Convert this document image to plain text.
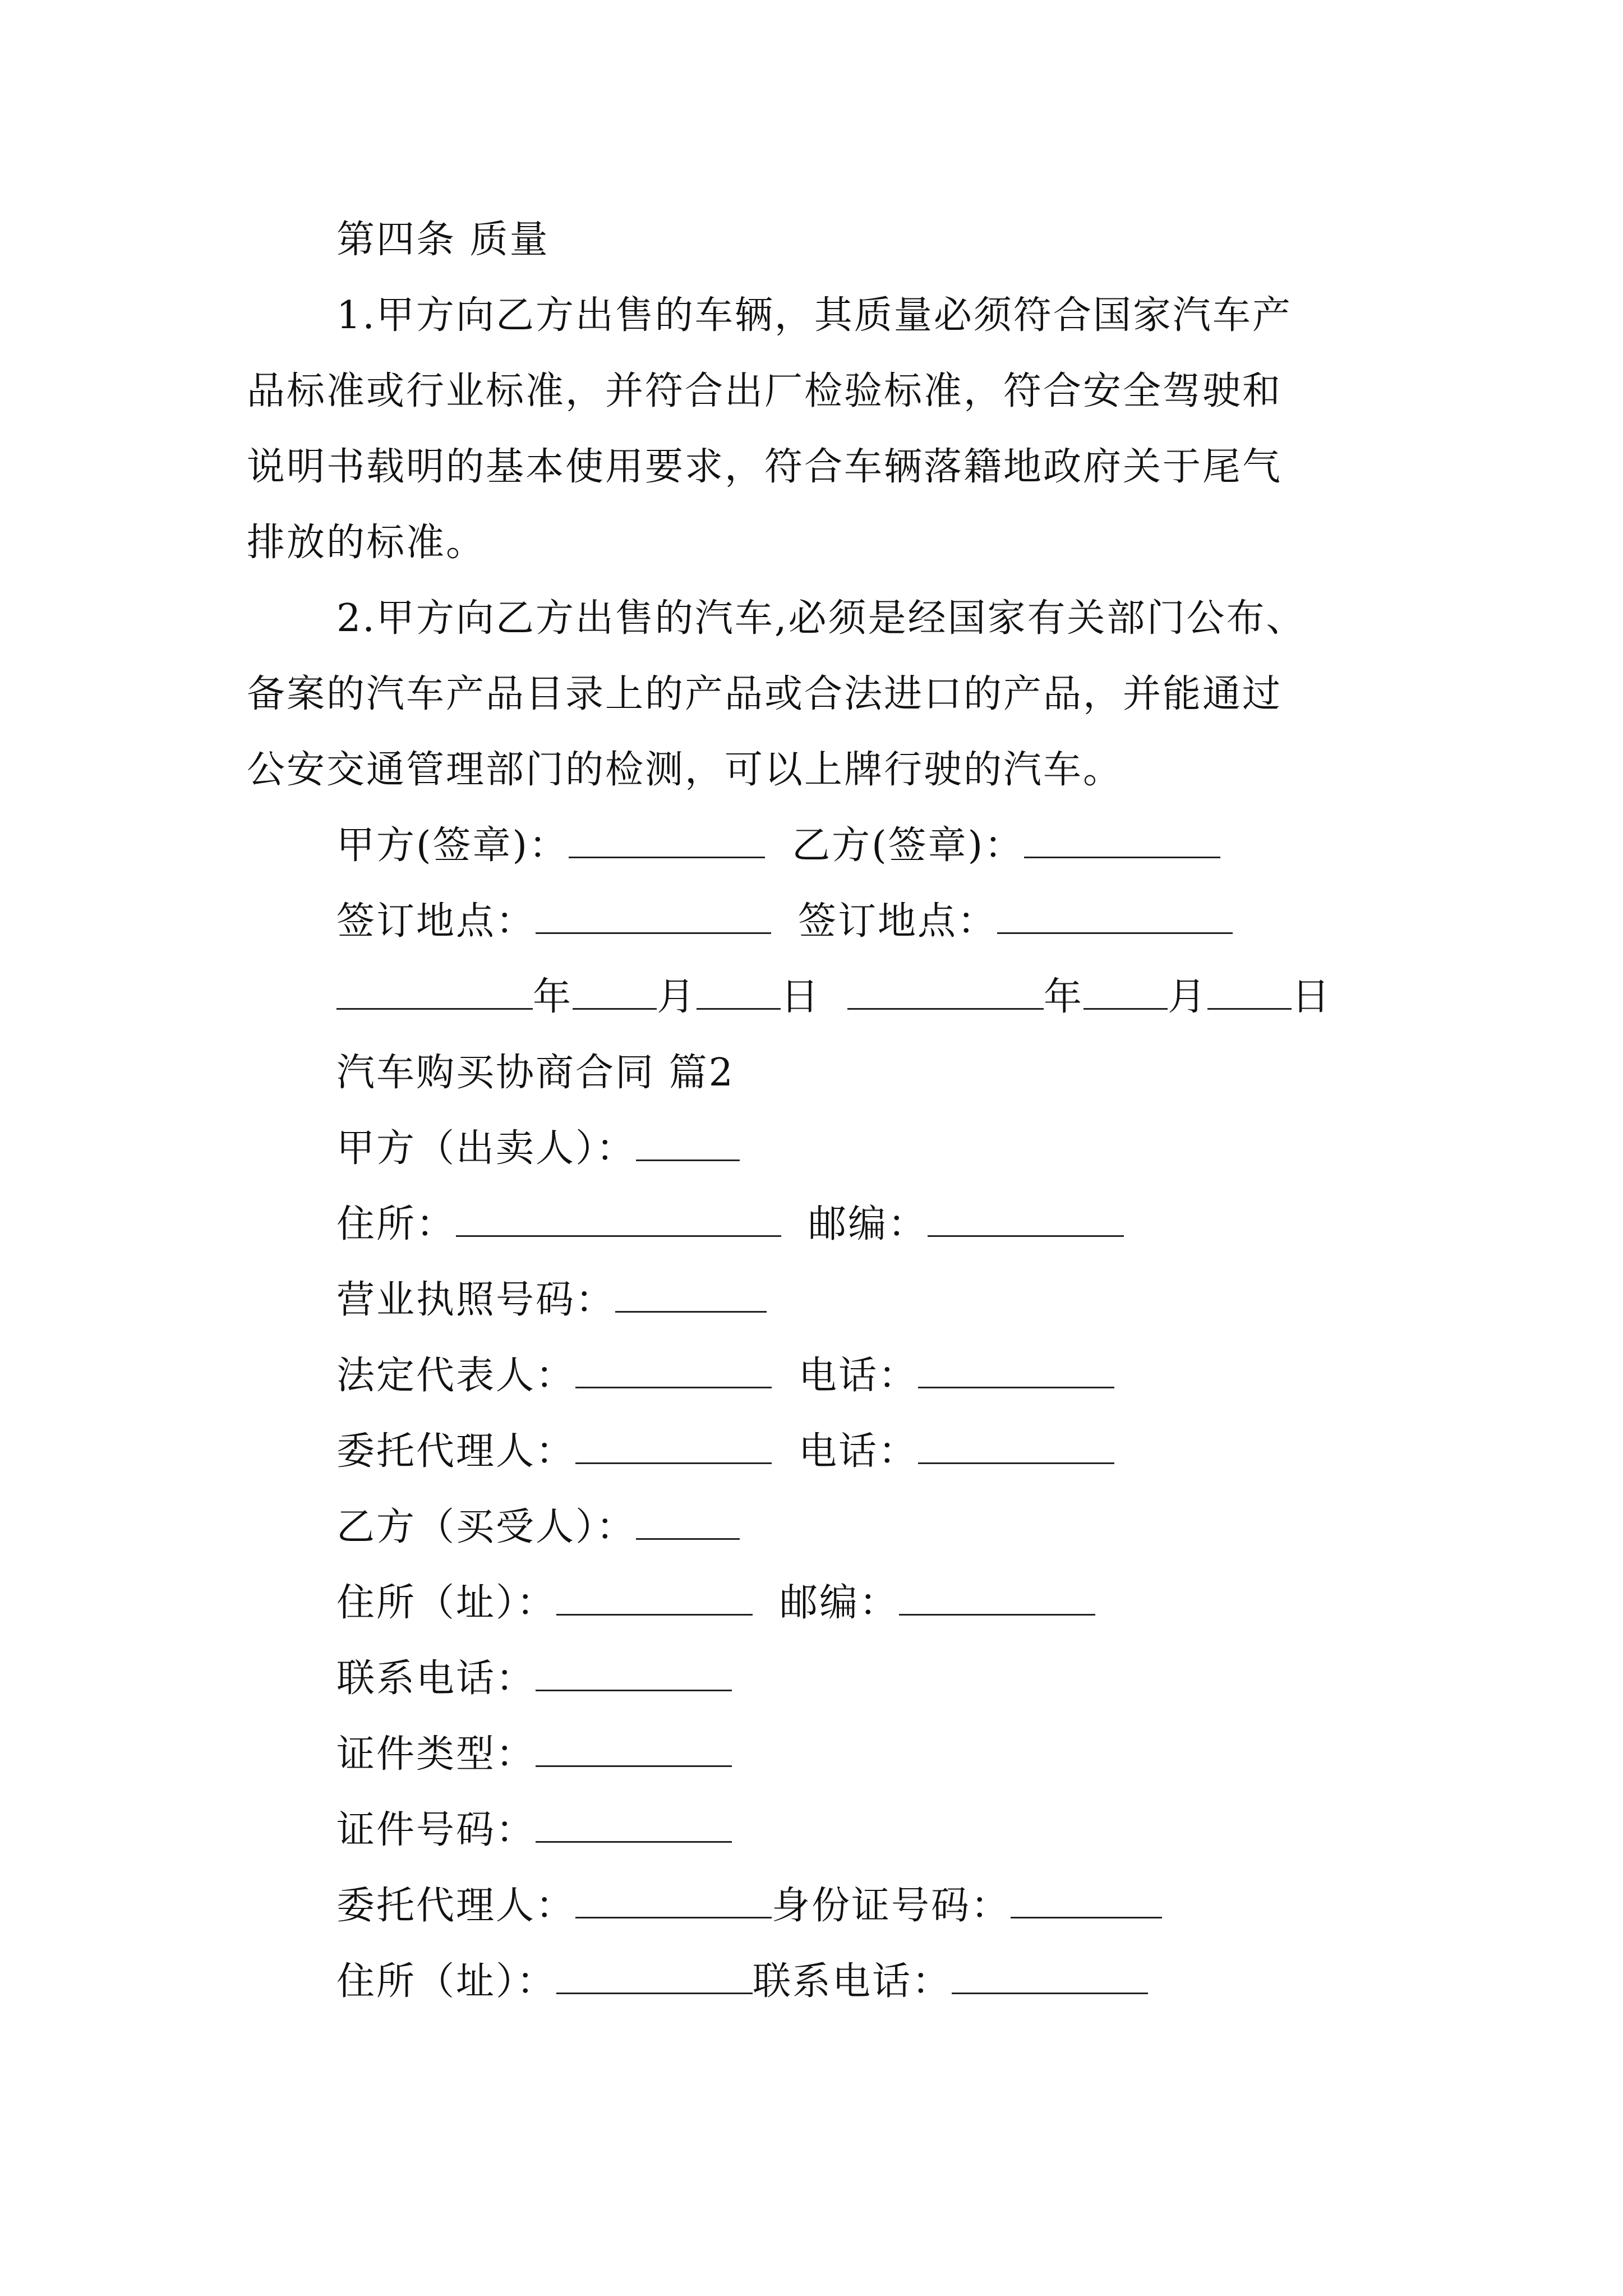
第四条 质量
1.甲方向乙方出售的车辆，其质量必须符合国家汽车产
品标准或行业标准，并符合出厂检验标准，符合安全驾驶和
说明书载明的基本使用要求，符合车辆落籍地政府关于尾气
排放的标准。
2.甲方向乙方出售的汽车,必须是经国家有关部门公布、
备案的汽车产品目录上的产品或合法进口的产品，并能通过
公安交通管理部门的检测，可以上牌行驶的汽车。
甲方(签章)：	乙方(签章)：
签订地点：	签订地点：
年 月 日	年 月 日
汽车购买协商合同 篇2
甲方（出卖人）：
住所：	邮编：
营业执照号码：
法定代表人：	电话：
委托代理人：	电话：
乙方（买受人）：
住所（址）：	邮编：
联系电话：
证件类型：
证件号码：
委托代理人：	身份证号码：
住所（址）：	联系电话：
